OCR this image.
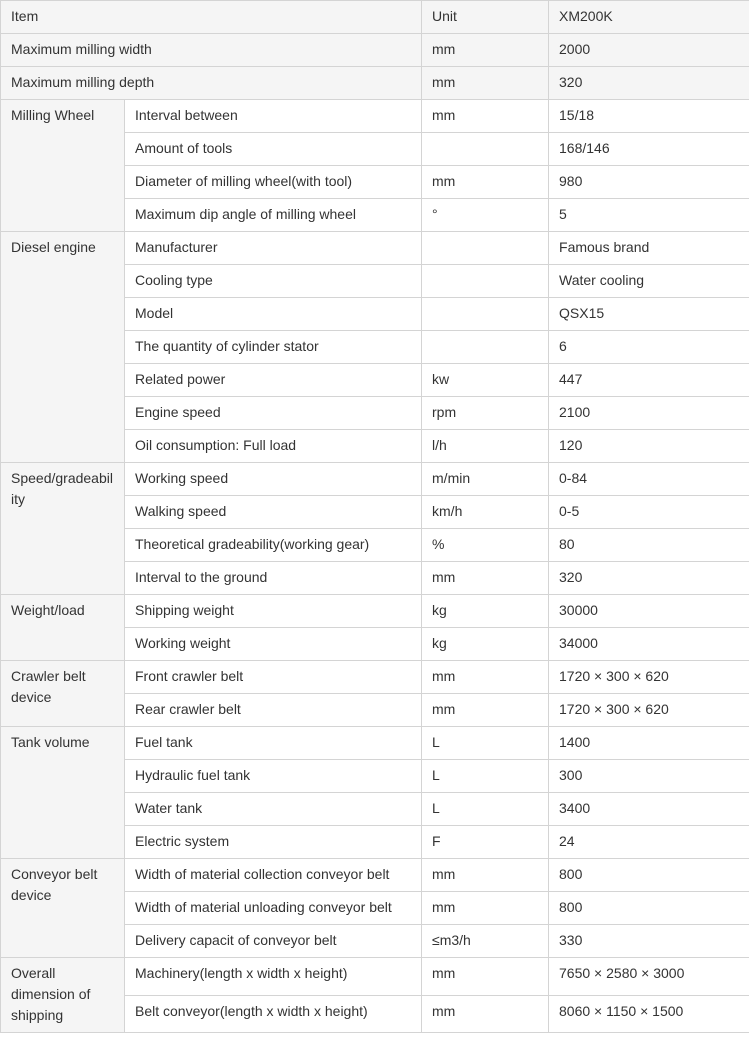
Item		Unit	XM200K
Maximum milling width		mm	2000
Maximum milling depth		mm	320
Milling Wheel	Interval between	mm	15/18
	Amount of tools		168/146
	Diameter of milling wheel(with tool)	mm	980
	Maximum dip angle of milling wheel	°	5
Diesel engine	Manufacturer		Famous brand
	Cooling type		Water cooling
	Model		QSX15
	The quantity of cylinder stator		6
	Related power	kw	447
	Engine speed	rpm	2100
	Oil consumption: Full load	l/h	120
Speed/gradeability	Working speed	m/min	0-84
	Walking speed	km/h	0-5
	Theoretical gradeability(working gear)	%	80
	Interval to the ground	mm	320
Weight/load	Shipping weight	kg	30000
	Working weight	kg	34000
Crawler belt device	Front crawler belt	mm	1720 × 300 × 620
	Rear crawler belt	mm	1720 × 300 × 620
Tank volume	Fuel tank	L	1400
	Hydraulic fuel tank	L	300
	Water tank	L	3400
	Electric system	F	24
Conveyor belt device	Width of material collection conveyor belt	mm	800
	Width of material unloading conveyor belt	mm	800
	Delivery capacit of conveyor belt	≤m3/h	330
Overall dimension of shipping	Machinery(length x width x height)	mm	7650 × 2580 × 3000
	Belt conveyor(length x width x height)	mm	8060 × 1150 × 1500
